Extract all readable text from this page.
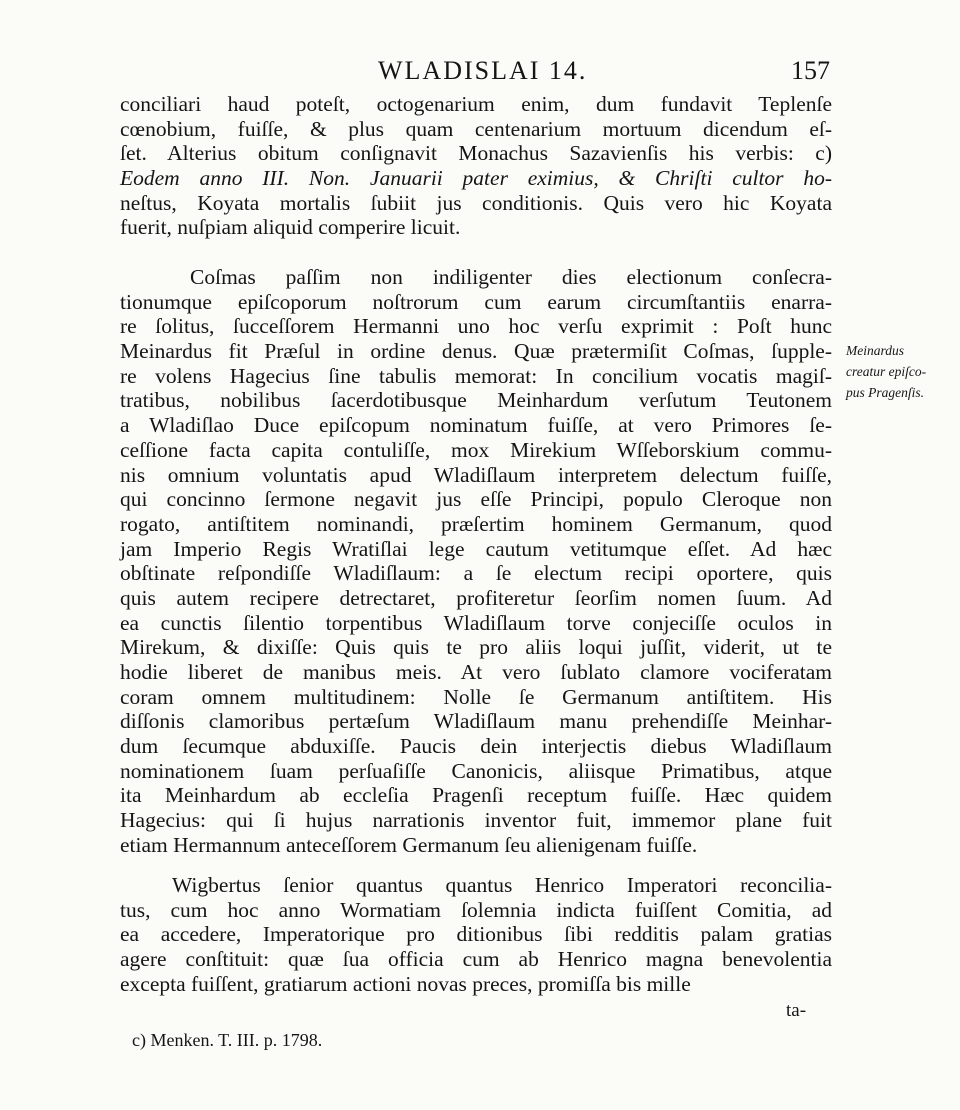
WLADISLAI 14.	157
conciliari haud poteſt, octogenarium enim, dum fundavit Teplenſe
cœnobium, fuiſſe, & plus quam centenarium mortuum dicendum eſ-
ſet. Alterius obitum conſignavit Monachus Sazavienſis his verbis: c)
Eodem anno III. Non. Januarii pater eximius, & Chriſti cultor ho-
neſtus, Koyata mortalis ſubiit jus conditionis. Quis vero hic Koyata
fuerit, nuſpiam aliquid comperire licuit.
Coſmas paſſim non indiligenter dies electionum conſecra-
tionumque epiſcoporum noſtrorum cum earum circumſtantiis enarra-
re ſolitus, ſucceſſorem Hermanni uno hoc verſu exprimit : Poſt hunc
Meinardus fit Præſul in ordine denus. Quæ prætermiſit Coſmas, ſupple-
re volens Hagecius ſine tabulis memorat: In concilium vocatis magiſ-
tratibus, nobilibus ſacerdotibusque Meinhardum verſutum Teutonem
a Wladiſlao Duce epiſcopum nominatum fuiſſe, at vero Primores ſe-
ceſſione facta capita contuliſſe, mox Mirekium Wſſeborskium commu-
nis omnium voluntatis apud Wladiſlaum interpretem delectum fuiſſe,
qui concinno ſermone negavit jus eſſe Principi, populo Cleroque non
rogato, antiſtitem nominandi, præſertim hominem Germanum, quod
jam Imperio Regis Wratiſlai lege cautum vetitumque eſſet. Ad hæc
obſtinate reſpondiſſe Wladiſlaum: a ſe electum recipi oportere, quis
quis autem recipere detrectaret, profiteretur ſeorſim nomen ſuum. Ad
ea cunctis ſilentio torpentibus Wladiſlaum torve conjeciſſe oculos in
Mirekum, & dixiſſe: Quis quis te pro aliis loqui juſſit, viderit, ut te
hodie liberet de manibus meis. At vero ſublato clamore vociferatam
coram omnem multitudinem: Nolle ſe Germanum antiſtitem. His
diſſonis clamoribus pertæſum Wladiſlaum manu prehendiſſe Meinhar-
dum ſecumque abduxiſſe. Paucis dein interjectis diebus Wladiſlaum
nominationem ſuam perſuaſiſſe Canonicis, aliisque Primatibus, atque
ita Meinhardum ab eccleſia Pragenſi receptum fuiſſe. Hæc quidem
Hagecius: qui ſi hujus narrationis inventor fuit, immemor plane fuit
etiam Hermannum anteceſſorem Germanum ſeu alienigenam fuiſſe.
Meinardus
creatur epiſco-
pus Pragenſis.
Wigbertus ſenior quantus quantus Henrico Imperatori reconcilia-
tus, cum hoc anno Wormatiam ſolemnia indicta fuiſſent Comitia, ad
ea accedere, Imperatorique pro ditionibus ſibi redditis palam gratias
agere conſtituit: quæ ſua officia cum ab Henrico magna benevolentia
excepta fuiſſent, gratiarum actioni novas preces, promiſſa bis mille
ta-
c) Menken. T. III. p. 1798.
